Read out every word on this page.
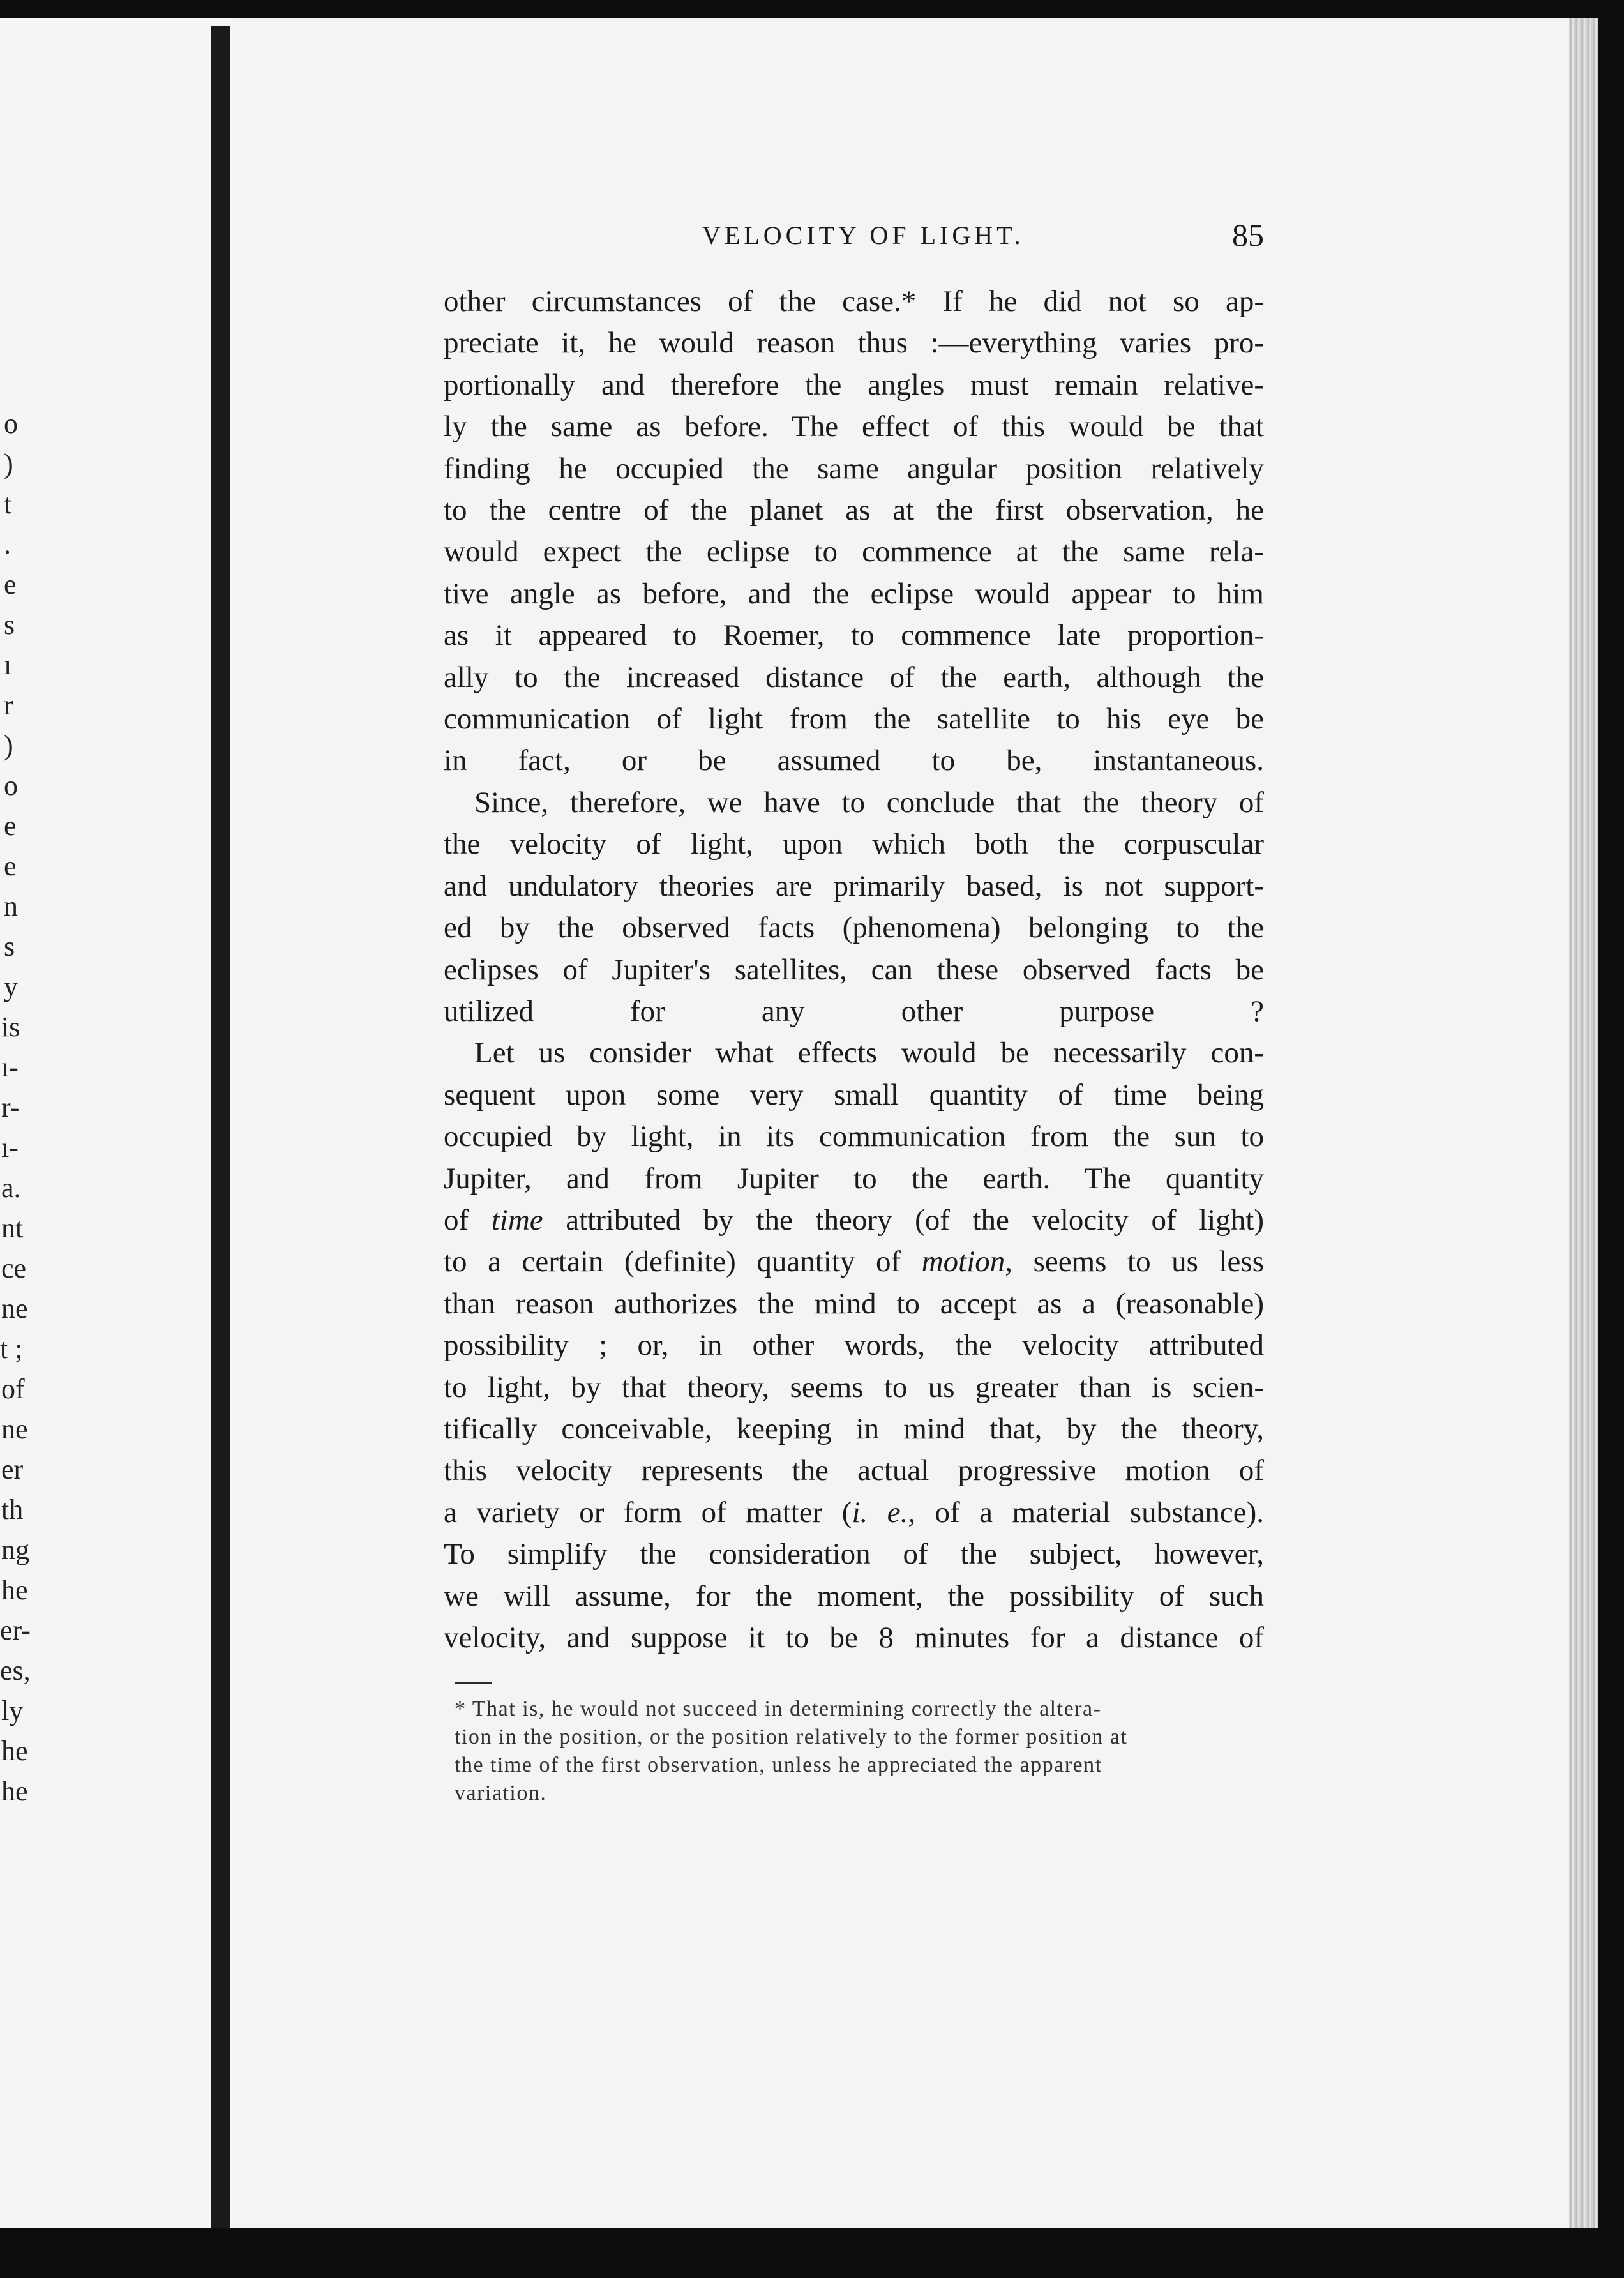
o
)
t
.
e
s
ı
r
)
o
e
e
n
s
y
is
ı-
r-
ı-
a.
nt
ce
ne
t ;
of
ne
er
th
ng
he
er-
es,
ly
he
he
VELOCITY OF LIGHT.	85

other circumstances of the case.* If he did not so ap-
preciate it, he would reason thus :—everything varies pro-
portionally and therefore the angles must remain relative-
ly the same as before. The effect of this would be that
finding he occupied the same angular position relatively
to the centre of the planet as at the first observation, he
would expect the eclipse to commence at the same rela-
tive angle as before, and the eclipse would appear to him
as it appeared to Roemer, to commence late proportion-
ally to the increased distance of the earth, although the
communication of light from the satellite to his eye be
in fact, or be assumed to be, instantaneous.

Since, therefore, we have to conclude that the theory of
the velocity of light, upon which both the corpuscular
and undulatory theories are primarily based, is not support-
ed by the observed facts (phenomena) belonging to the
eclipses of Jupiter's satellites, can these observed facts be
utilized for any other purpose ?

Let us consider what effects would be necessarily con-
sequent upon some very small quantity of time being
occupied by light, in its communication from the sun to
Jupiter, and from Jupiter to the earth. The quantity
of time attributed by the theory (of the velocity of light)
to a certain (definite) quantity of motion, seems to us less
than reason authorizes the mind to accept as a (reasonable)
possibility ; or, in other words, the velocity attributed
to light, by that theory, seems to us greater than is scien-
tifically conceivable, keeping in mind that, by the theory,
this velocity represents the actual progressive motion of
a variety or form of matter (i. e., of a material substance).
To simplify the consideration of the subject, however,
we will assume, for the moment, the possibility of such
velocity, and suppose it to be 8 minutes for a distance of

* That is, he would not succeed in determining correctly the altera-
tion in the position, or the position relatively to the former position at
the time of the first observation, unless he appreciated the apparent
variation.
